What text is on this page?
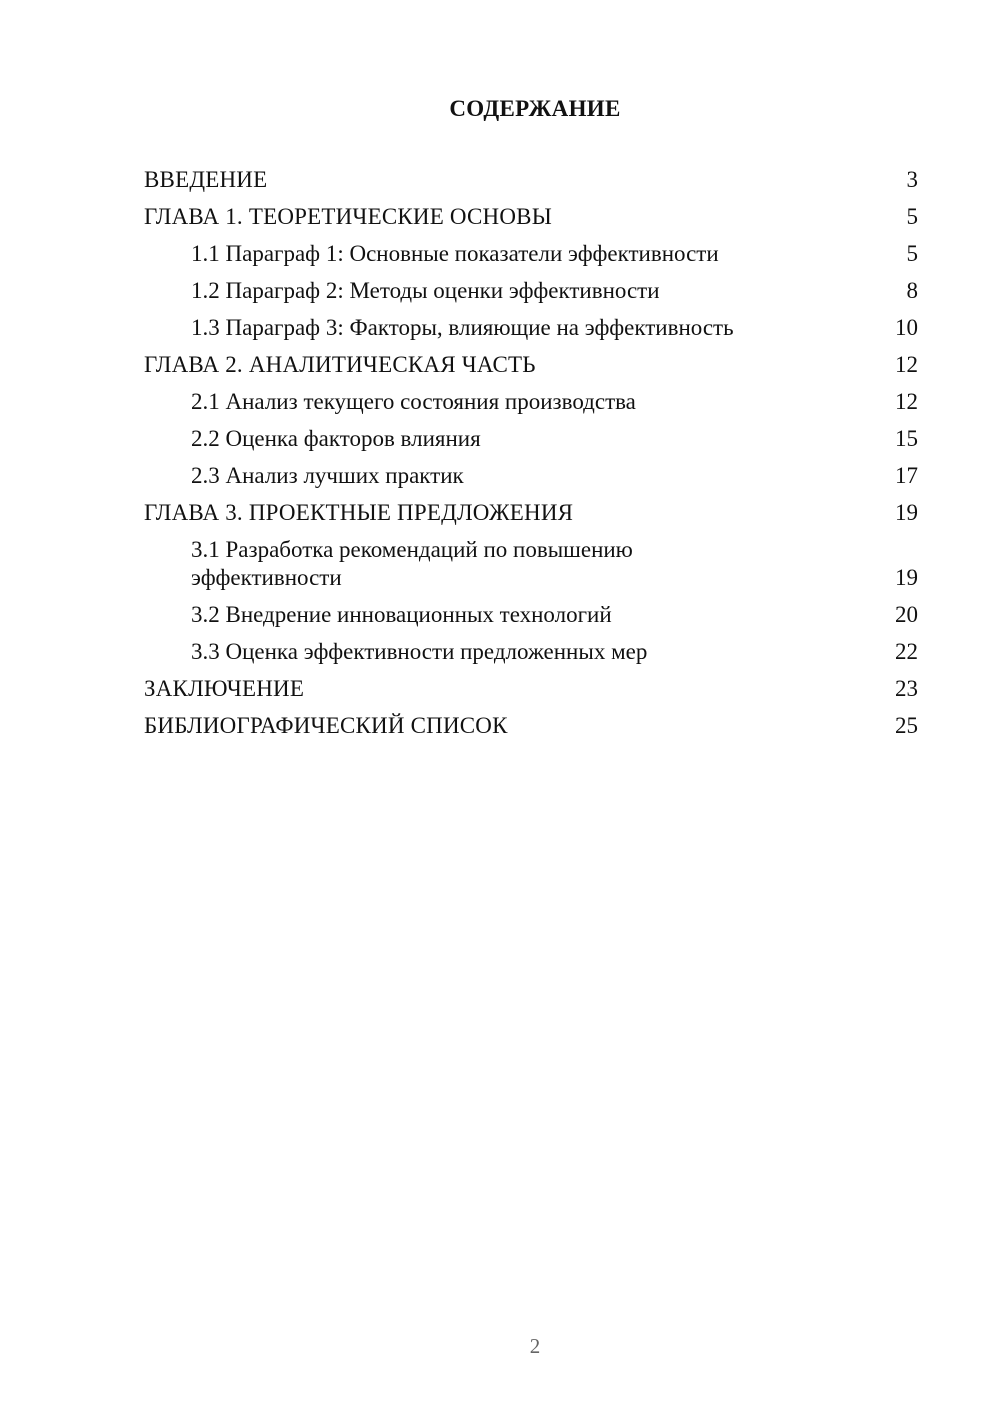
СОДЕРЖАНИЕ
ВВЕДЕНИЕ	3
ГЛАВА 1. ТЕОРЕТИЧЕСКИЕ ОСНОВЫ	5
1.1 Параграф 1: Основные показатели эффективности	5
1.2 Параграф 2: Методы оценки эффективности	8
1.3 Параграф 3: Факторы, влияющие на эффективность	10
ГЛАВА 2. АНАЛИТИЧЕСКАЯ ЧАСТЬ	12
2.1 Анализ текущего состояния производства	12
2.2 Оценка факторов влияния	15
2.3 Анализ лучших практик	17
ГЛАВА 3. ПРОЕКТНЫЕ ПРЕДЛОЖЕНИЯ	19
3.1 Разработка рекомендаций по повышению эффективности	19
3.2 Внедрение инновационных технологий	20
3.3 Оценка эффективности предложенных мер	22
ЗАКЛЮЧЕНИЕ	23
БИБЛИОГРАФИЧЕСКИЙ СПИСОК	25
2
